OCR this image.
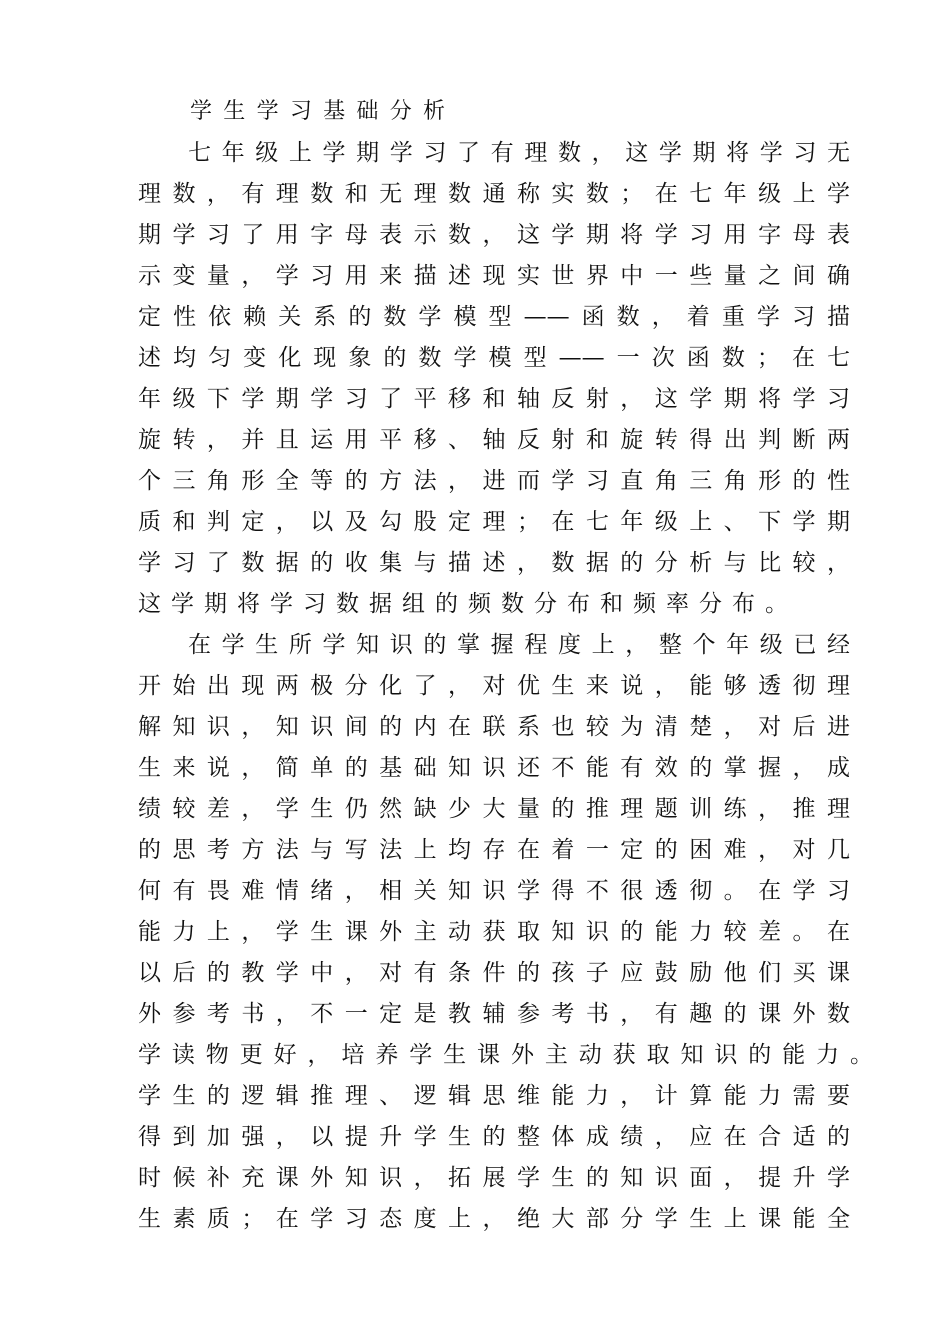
学生学习基础分析
七年级上学期学习了有理数，这学期将学习无
理数，有理数和无理数通称实数；在七年级上学
期学习了用字母表示数，这学期将学习用字母表
示变量，学习用来描述现实世界中一些量之间确
定性依赖关系的数学模型——函数，着重学习描
述均匀变化现象的数学模型——一次函数；在七
年级下学期学习了平移和轴反射，这学期将学习
旋转，并且运用平移、轴反射和旋转得出判断两
个三角形全等的方法，进而学习直角三角形的性
质和判定，以及勾股定理；在七年级上、下学期
学习了数据的收集与描述，数据的分析与比较，
这学期将学习数据组的频数分布和频率分布。
在学生所学知识的掌握程度上，整个年级已经
开始出现两极分化了，对优生来说，能够透彻理
解知识，知识间的内在联系也较为清楚，对后进
生来说，简单的基础知识还不能有效的掌握，成
绩较差，学生仍然缺少大量的推理题训练，推理
的思考方法与写法上均存在着一定的困难，对几
何有畏难情绪，相关知识学得不很透彻。在学习
能力上，学生课外主动获取知识的能力较差。在
以后的教学中，对有条件的孩子应鼓励他们买课
外参考书，不一定是教辅参考书，有趣的课外数
学读物更好，培养学生课外主动获取知识的能力。
学生的逻辑推理、逻辑思维能力，计算能力需要
得到加强，以提升学生的整体成绩，应在合适的
时候补充课外知识，拓展学生的知识面，提升学
生素质；在学习态度上，绝大部分学生上课能全
